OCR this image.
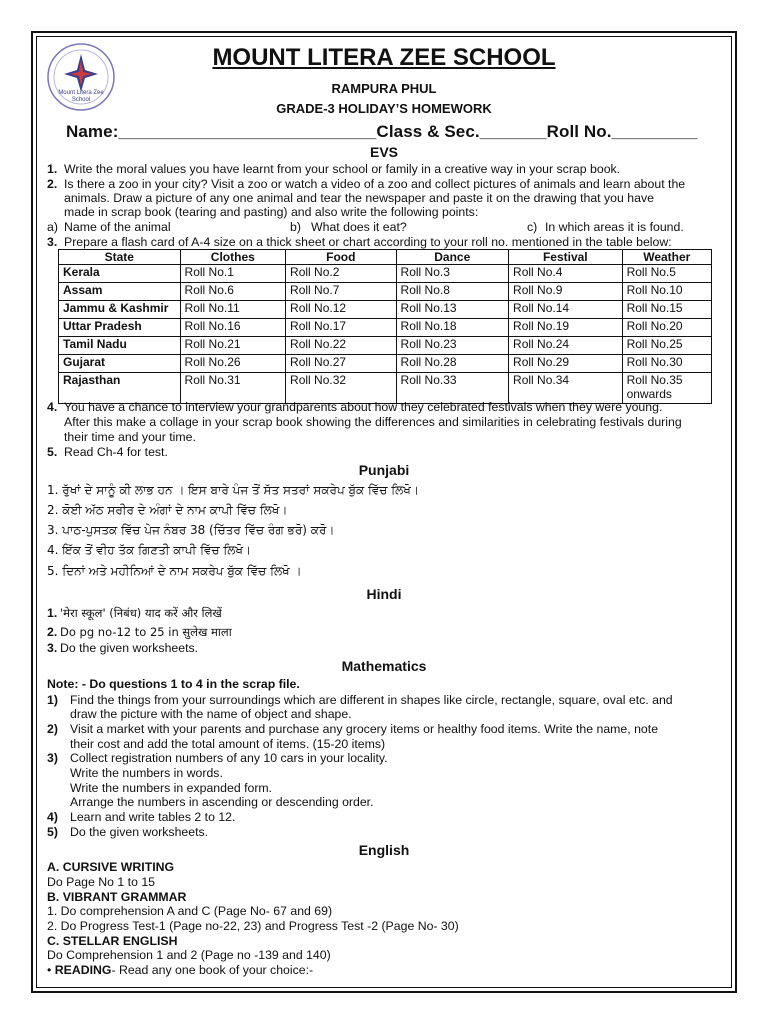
Mount Litera Zee School
MOUNT LITERA ZEE SCHOOL
RAMPURA PHUL
GRADE-3 HOLIDAY’S HOMEWORK
Name:___________________________Class & Sec._______Roll No._________
EVS
1. Write the moral values you have learnt from your school or family in a creative way in your scrap book.
2. Is there a zoo in your city? Visit a zoo or watch a video of a zoo and collect pictures of animals and learn about the
animals. Draw a picture of any one animal and tear the newspaper and paste it on the drawing that you have
made in scrap book (tearing and pasting) and also write the following points:
a) Name of the animal	b) What does it eat?	c) In which areas it is found.
3. Prepare a flash card of A-4 size on a thick sheet or chart according to your roll no. mentioned in the table below:
State	Clothes	Food	Dance	Festival	Weather
Kerala	Roll No.1	Roll No.2	Roll No.3	Roll No.4	Roll No.5
Assam	Roll No.6	Roll No.7	Roll No.8	Roll No.9	Roll No.10
Jammu & Kashmir	Roll No.11	Roll No.12	Roll No.13	Roll No.14	Roll No.15
Uttar Pradesh	Roll No.16	Roll No.17	Roll No.18	Roll No.19	Roll No.20
Tamil Nadu	Roll No.21	Roll No.22	Roll No.23	Roll No.24	Roll No.25
Gujarat	Roll No.26	Roll No.27	Roll No.28	Roll No.29	Roll No.30
Rajasthan	Roll No.31	Roll No.32	Roll No.33	Roll No.34	Roll No.35 onwards
4. You have a chance to interview your grandparents about how they celebrated festivals when they were young.
After this make a collage in your scrap book showing the differences and similarities in celebrating festivals during
their time and your time.
5. Read Ch-4 for test.
Punjabi
1. ਰੁੱਖਾਂ ਦੇ ਸਾਨੂੰ ਕੀ ਲਾਭ ਹਨ । ਇਸ ਬਾਰੇ ਪੰਜ ਤੋਂ ਸੱਤ ਸਤਰਾਂ ਸਕਰੇਪ ਬੁੱਕ ਵਿੱਚ ਲਿਖੋ।
2. ਕੋਈ ਅੱਠ ਸਰੀਰ ਦੇ ਅੰਗਾਂ ਦੇ ਨਾਮ ਕਾਪੀ ਵਿੱਚ ਲਿਖੋ।
3. ਪਾਠ-ਪੁਸਤਕ ਵਿੱਚ ਪੇਜ ਨੰਬਰ 38 (ਚਿੱਤਰ ਵਿੱਚ ਰੰਗ ਭਰੋ) ਕਰੋ।
4. ਇੱਕ ਤੋਂ ਵੀਹ ਤੱਕ ਗਿਣਤੀ ਕਾਪੀ ਵਿੱਚ ਲਿਖੋ।
5. ਦਿਨਾਂ ਅਤੇ ਮਹੀਨਿਆਂ ਦੇ ਨਾਮ ਸਕਰੇਪ ਬੁੱਕ ਵਿੱਚ ਲਿਖੋ ।
Hindi
1. 'मेरा स्कूल' (निबंध) याद करें और लिखें
2. Do pg no-12 to 25 in सुलेख माला
3. Do the given worksheets.
Mathematics
Note: - Do questions 1 to 4 in the scrap file.
1) Find the things from your surroundings which are different in shapes like circle, rectangle, square, oval etc. and
draw the picture with the name of object and shape.
2) Visit a market with your parents and purchase any grocery items or healthy food items. Write the name, note
their cost and add the total amount of items. (15-20 items)
3) Collect registration numbers of any 10 cars in your locality.
Write the numbers in words.
Write the numbers in expanded form.
Arrange the numbers in ascending or descending order.
4) Learn and write tables 2 to 12.
5) Do the given worksheets.
English
A. CURSIVE WRITING
Do Page No 1 to 15
B. VIBRANT GRAMMAR
1. Do comprehension A and C (Page No- 67 and 69)
2. Do Progress Test-1 (Page no-22, 23) and Progress Test -2 (Page No- 30)
C. STELLAR ENGLISH
Do Comprehension 1 and 2 (Page no -139 and 140)
• READING- Read any one book of your choice:-
